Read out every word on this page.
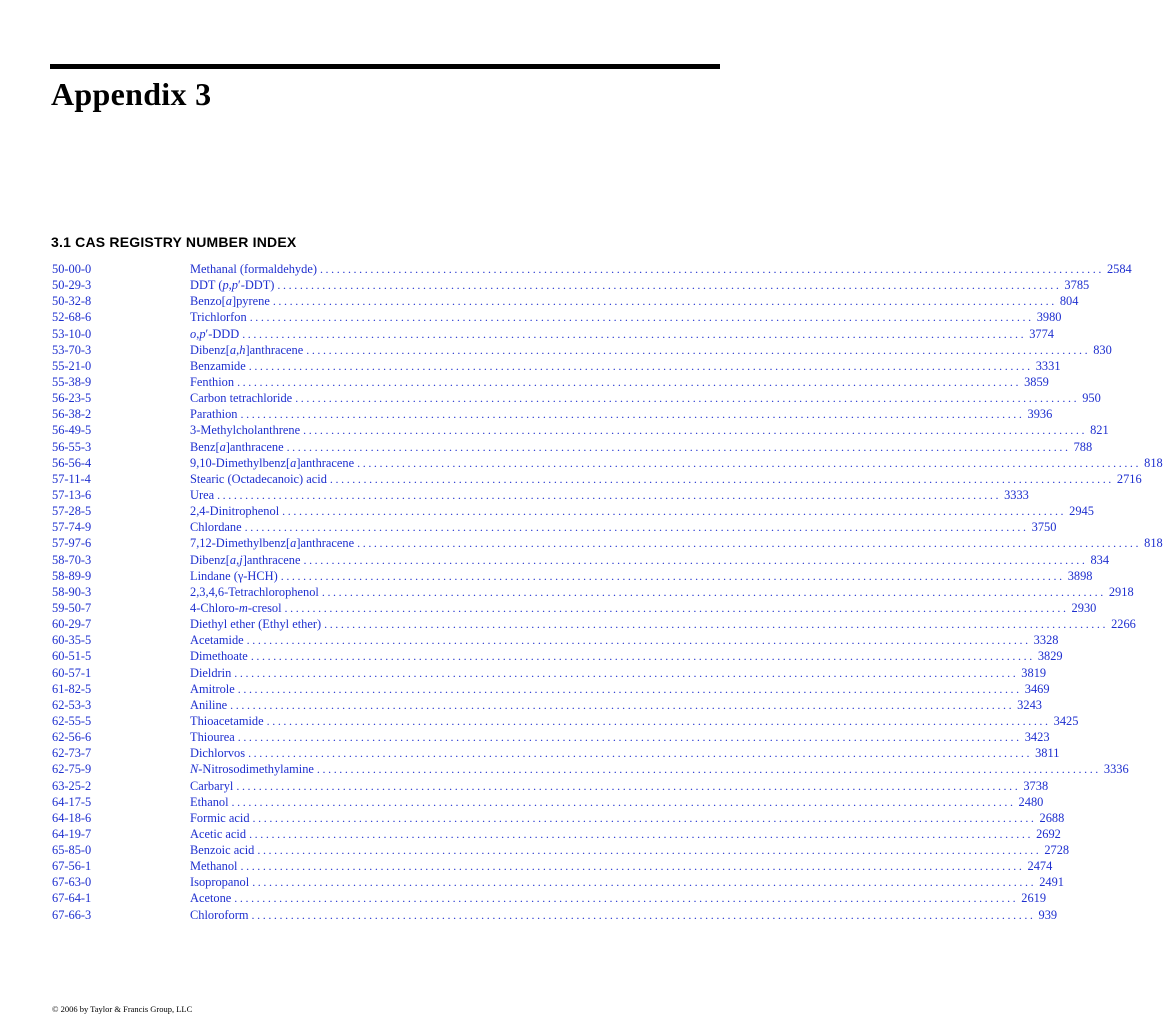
Appendix 3
3.1 CAS REGISTRY NUMBER INDEX
50-00-0	Methanal (formaldehyde) ............................................................................................................................................ 2584
50-29-3	DDT (p,p′-DDT) ............................................................................................................................................ 3785
50-32-8	Benzo[a]pyrene ............................................................................................................................................ 804
52-68-6	Trichlorfon ............................................................................................................................................ 3980
53-10-0	o,p′-DDD ............................................................................................................................................ 3774
53-70-3	Dibenz[a,h]anthracene ............................................................................................................................................ 830
55-21-0	Benzamide ............................................................................................................................................ 3331
55-38-9	Fenthion ............................................................................................................................................ 3859
56-23-5	Carbon tetrachloride ............................................................................................................................................ 950
56-38-2	Parathion ............................................................................................................................................ 3936
56-49-5	3-Methylcholanthrene ............................................................................................................................................ 821
56-55-3	Benz[a]anthracene ............................................................................................................................................ 788
56-56-4	9,10-Dimethylbenz[a]anthracene ............................................................................................................................................ 818
57-11-4	Stearic (Octadecanoic) acid ............................................................................................................................................ 2716
57-13-6	Urea ............................................................................................................................................ 3333
57-28-5	2,4-Dinitrophenol ............................................................................................................................................ 2945
57-74-9	Chlordane ............................................................................................................................................ 3750
57-97-6	7,12-Dimethylbenz[a]anthracene ............................................................................................................................................ 818
58-70-3	Dibenz[a,j]anthracene ............................................................................................................................................ 834
58-89-9	Lindane (γ-HCH) ............................................................................................................................................ 3898
58-90-3	2,3,4,6-Tetrachlorophenol ............................................................................................................................................ 2918
59-50-7	4-Chloro-m-cresol ............................................................................................................................................ 2930
60-29-7	Diethyl ether (Ethyl ether) ............................................................................................................................................ 2266
60-35-5	Acetamide ............................................................................................................................................ 3328
60-51-5	Dimethoate ............................................................................................................................................ 3829
60-57-1	Dieldrin ............................................................................................................................................ 3819
61-82-5	Amitrole ............................................................................................................................................ 3469
62-53-3	Aniline ............................................................................................................................................ 3243
62-55-5	Thioacetamide ............................................................................................................................................ 3425
62-56-6	Thiourea ............................................................................................................................................ 3423
62-73-7	Dichlorvos ............................................................................................................................................ 3811
62-75-9	N-Nitrosodimethylamine ............................................................................................................................................ 3336
63-25-2	Carbaryl ............................................................................................................................................ 3738
64-17-5	Ethanol ............................................................................................................................................ 2480
64-18-6	Formic acid ............................................................................................................................................ 2688
64-19-7	Acetic acid ............................................................................................................................................ 2692
65-85-0	Benzoic acid ............................................................................................................................................ 2728
67-56-1	Methanol ............................................................................................................................................ 2474
67-63-0	Isopropanol ............................................................................................................................................ 2491
67-64-1	Acetone ............................................................................................................................................ 2619
67-66-3	Chloroform ............................................................................................................................................ 939

© 2006 by Taylor & Francis Group, LLC
